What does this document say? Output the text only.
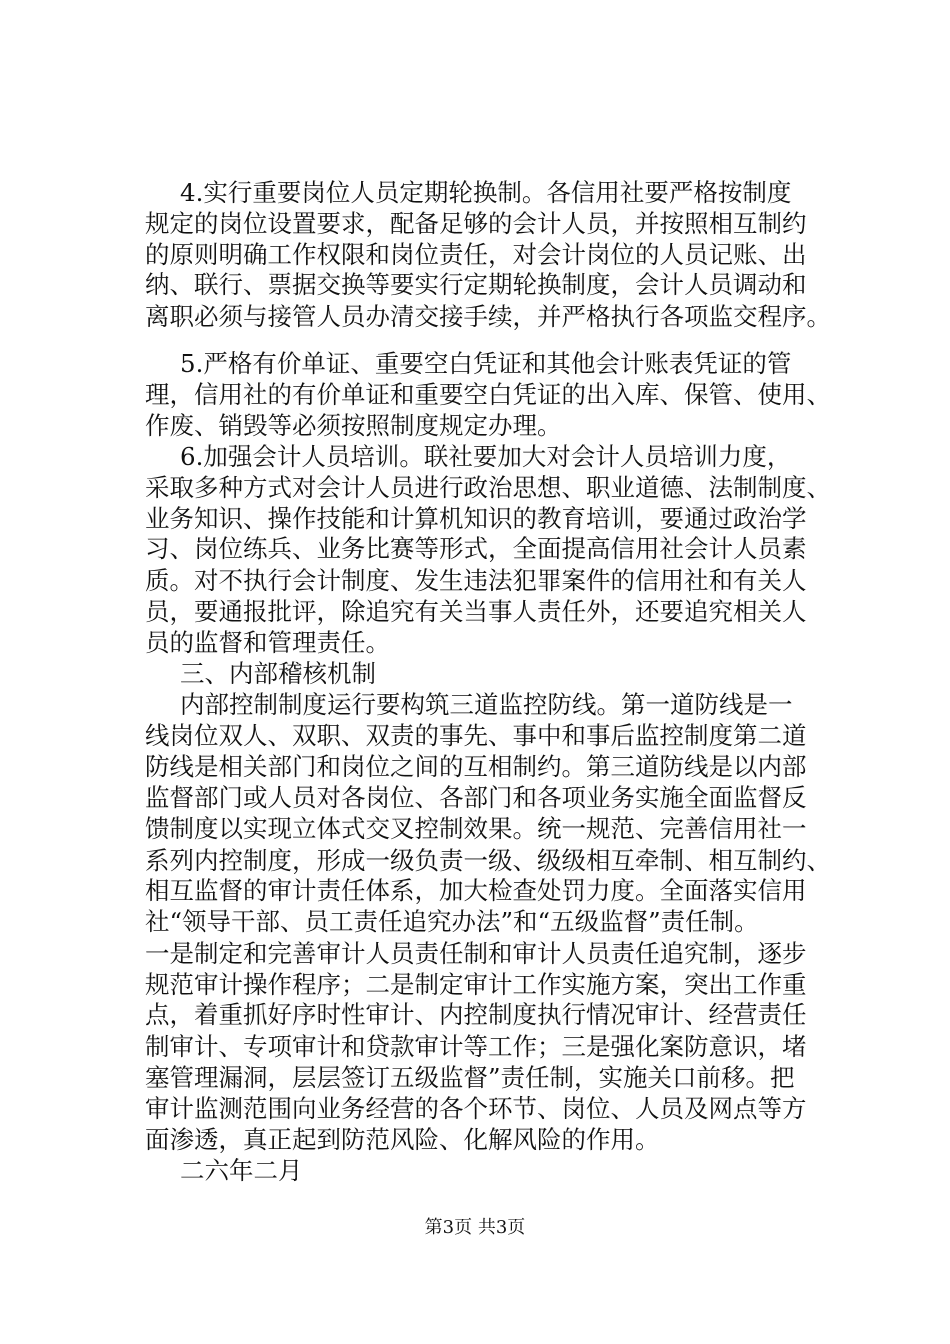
4.实行重要岗位人员定期轮换制。各信用社要严格按制度
规定的岗位设置要求，配备足够的会计人员，并按照相互制约
的原则明确工作权限和岗位责任，对会计岗位的人员记账、出
纳、联行、票据交换等要实行定期轮换制度，会计人员调动和
离职必须与接管人员办清交接手续，并严格执行各项监交程序。
5.严格有价单证、重要空白凭证和其他会计账表凭证的管
理，信用社的有价单证和重要空白凭证的出入库、保管、使用、
作废、销毁等必须按照制度规定办理。
6.加强会计人员培训。联社要加大对会计人员培训力度，
采取多种方式对会计人员进行政治思想、职业道德、法制制度、
业务知识、操作技能和计算机知识的教育培训，要通过政治学
习、岗位练兵、业务比赛等形式，全面提高信用社会计人员素
质。对不执行会计制度、发生违法犯罪案件的信用社和有关人
员，要通报批评，除追究有关当事人责任外，还要追究相关人
员的监督和管理责任。
三、内部稽核机制
内部控制制度运行要构筑三道监控防线。第一道防线是一
线岗位双人、双职、双责的事先、事中和事后监控制度第二道
防线是相关部门和岗位之间的互相制约。第三道防线是以内部
监督部门或人员对各岗位、各部门和各项业务实施全面监督反
馈制度以实现立体式交叉控制效果。统一规范、完善信用社一
系列内控制度，形成一级负责一级、级级相互牵制、相互制约、
相互监督的审计责任体系，加大检查处罚力度。全面落实信用
社“领导干部、员工责任追究办法”和“五级监督”责任制。
一是制定和完善审计人员责任制和审计人员责任追究制，逐步
规范审计操作程序；二是制定审计工作实施方案，突出工作重
点，着重抓好序时性审计、内控制度执行情况审计、经营责任
制审计、专项审计和贷款审计等工作；三是强化案防意识，堵
塞管理漏洞，层层签订五级监督”责任制，实施关口前移。把
审计监测范围向业务经营的各个环节、岗位、人员及网点等方
面渗透，真正起到防范风险、化解风险的作用。
二六年二月
第3页 共3页
